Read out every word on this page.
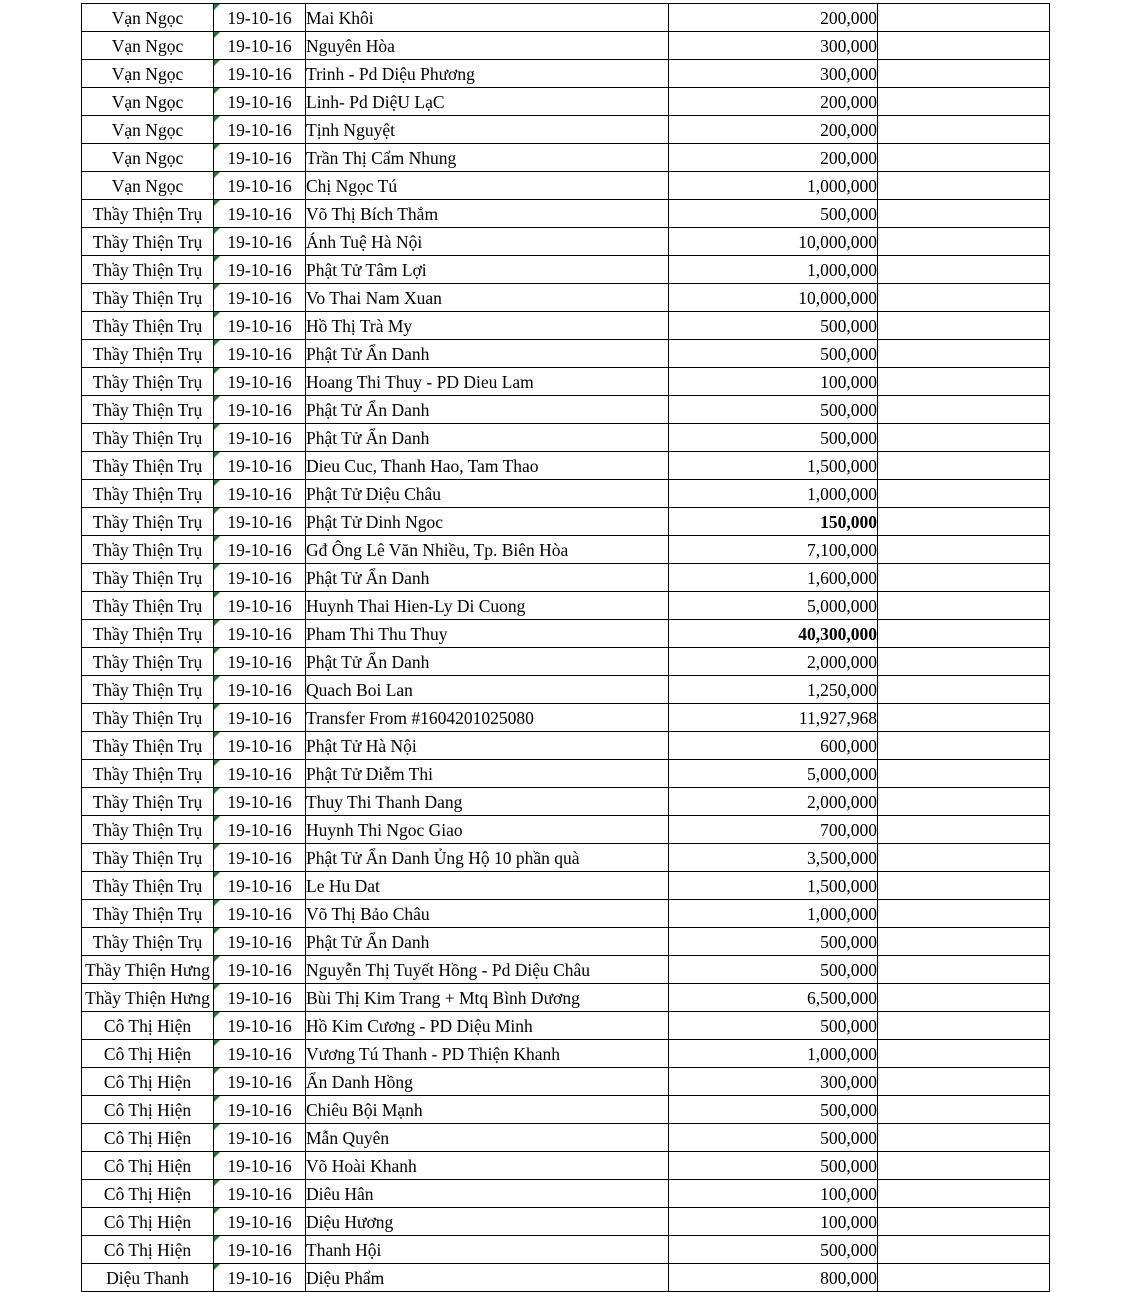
Vạn Ngọc	19-10-16	Mai Khôi	200,000	
Vạn Ngọc	19-10-16	Nguyên Hòa	300,000	
Vạn Ngọc	19-10-16	Trinh - Pd Diệu Phương	300,000	
Vạn Ngọc	19-10-16	Linh- Pd DiệU LạC	200,000	
Vạn Ngọc	19-10-16	Tịnh Nguyệt	200,000	
Vạn Ngọc	19-10-16	Trần Thị Cẩm Nhung	200,000	
Vạn Ngọc	19-10-16	Chị Ngọc Tú	1,000,000	
Thầy Thiện Trụ	19-10-16	Võ Thị Bích Thắm	500,000	
Thầy Thiện Trụ	19-10-16	Ánh Tuệ Hà Nội	10,000,000	
Thầy Thiện Trụ	19-10-16	Phật Tử Tâm Lợi	1,000,000	
Thầy Thiện Trụ	19-10-16	Vo Thai Nam Xuan	10,000,000	
Thầy Thiện Trụ	19-10-16	Hồ Thị Trà My	500,000	
Thầy Thiện Trụ	19-10-16	Phật Tử Ẩn Danh	500,000	
Thầy Thiện Trụ	19-10-16	Hoang Thi Thuy - PD Dieu Lam	100,000	
Thầy Thiện Trụ	19-10-16	Phật Tử Ẩn Danh	500,000	
Thầy Thiện Trụ	19-10-16	Phật Tử Ẩn Danh	500,000	
Thầy Thiện Trụ	19-10-16	Dieu Cuc, Thanh Hao, Tam Thao	1,500,000	
Thầy Thiện Trụ	19-10-16	Phật Tử Diệu Châu	1,000,000	
Thầy Thiện Trụ	19-10-16	Phật Tử Dinh Ngoc	150,000	
Thầy Thiện Trụ	19-10-16	Gđ Ông Lê Văn Nhiều, Tp. Biên Hòa	7,100,000	
Thầy Thiện Trụ	19-10-16	Phật Tử Ẩn Danh	1,600,000	
Thầy Thiện Trụ	19-10-16	Huynh Thai Hien-Ly Di Cuong	5,000,000	
Thầy Thiện Trụ	19-10-16	Pham Thi Thu Thuy	40,300,000	
Thầy Thiện Trụ	19-10-16	Phật Tử Ẩn Danh	2,000,000	
Thầy Thiện Trụ	19-10-16	Quach Boi Lan	1,250,000	
Thầy Thiện Trụ	19-10-16	Transfer From #1604201025080	11,927,968	
Thầy Thiện Trụ	19-10-16	Phật Tử Hà Nội	600,000	
Thầy Thiện Trụ	19-10-16	Phật Tử Diễm Thi	5,000,000	
Thầy Thiện Trụ	19-10-16	Thuy Thi Thanh Dang	2,000,000	
Thầy Thiện Trụ	19-10-16	Huynh Thi Ngoc Giao	700,000	
Thầy Thiện Trụ	19-10-16	Phật Tử Ẩn Danh Ủng Hộ 10 phần quà	3,500,000	
Thầy Thiện Trụ	19-10-16	Le Hu Dat	1,500,000	
Thầy Thiện Trụ	19-10-16	Võ Thị Bảo Châu	1,000,000	
Thầy Thiện Trụ	19-10-16	Phật Tử Ẩn Danh	500,000	
Thầy Thiện Hưng	19-10-16	Nguyễn Thị Tuyết Hồng - Pd Diệu Châu	500,000	
Thầy Thiện Hưng	19-10-16	Bùi Thị Kim Trang + Mtq Bình Dương	6,500,000	
Cô Thị Hiện	19-10-16	Hồ Kim Cương - PD Diệu Minh	500,000	
Cô Thị Hiện	19-10-16	Vương Tú Thanh - PD Thiện Khanh	1,000,000	
Cô Thị Hiện	19-10-16	Ẩn Danh Hồng	300,000	
Cô Thị Hiện	19-10-16	Chiêu Bội Mạnh	500,000	
Cô Thị Hiện	19-10-16	Mẫn Quyên	500,000	
Cô Thị Hiện	19-10-16	Võ Hoài Khanh	500,000	
Cô Thị Hiện	19-10-16	Diêu Hân	100,000	
Cô Thị Hiện	19-10-16	Diệu Hương	100,000	
Cô Thị Hiện	19-10-16	Thanh Hội	500,000	
Diệu Thanh	19-10-16	Diệu Phẩm	800,000	
